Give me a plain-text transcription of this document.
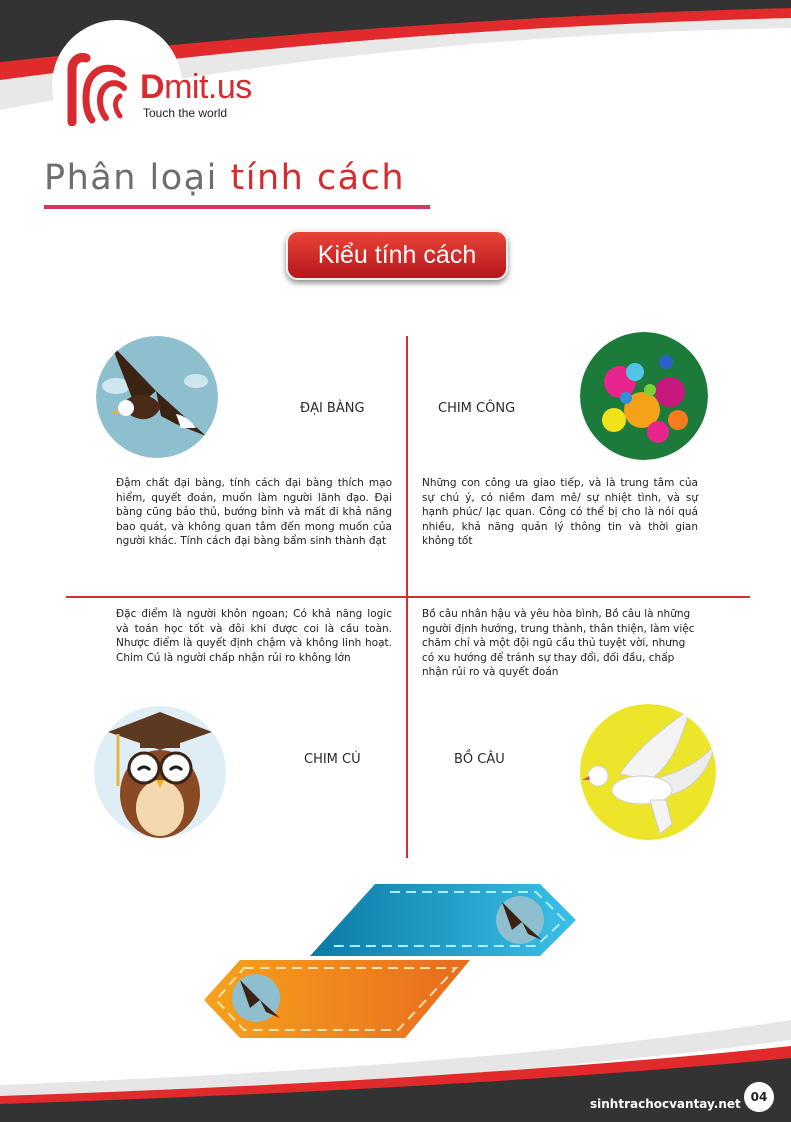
Dmit.us
Touch the world
Phân loại tính cách
Kiểu tính cách
ĐẠI BÀNG	CHIM CÔNG
Đậm chất đại bàng, tính cách đại bàng thích mạo hiểm, quyết đoán, muốn làm người lãnh đạo. Đại bàng cũng bảo thủ, bướng bỉnh và mất đi khả năng bao quát, và không quan tâm đến mong muốn của người khác. Tính cách đại bàng bẩm sinh thành đạt
Những con công ưa giao tiếp, và là trung tâm của sự chú ý, có niềm đam mê/ sự nhiệt tình, và sự hạnh phúc/ lạc quan. Công có thể bị cho là nói quá nhiều, khả năng quản lý thông tin và thời gian không tốt
Đặc điểm là người khôn ngoan; Có khả năng logic và toán học tốt và đôi khi được coi là cầu toàn. Nhược điểm là quyết định chậm và không linh hoạt. Chim Cú là người chấp nhận rủi ro không lớn
Bồ câu nhân hậu và yêu hòa bình, Bồ câu là những người định hướng, trung thành, thân thiện, làm việc chăm chỉ và một đội ngũ cầu thủ tuyệt vời, nhưng có xu hướng để tránh sự thay đổi, đối đầu, chấp nhận rủi ro và quyết đoán
CHIM CÚ	BỒ CÂU
sinhtrachocvantay.net 04
